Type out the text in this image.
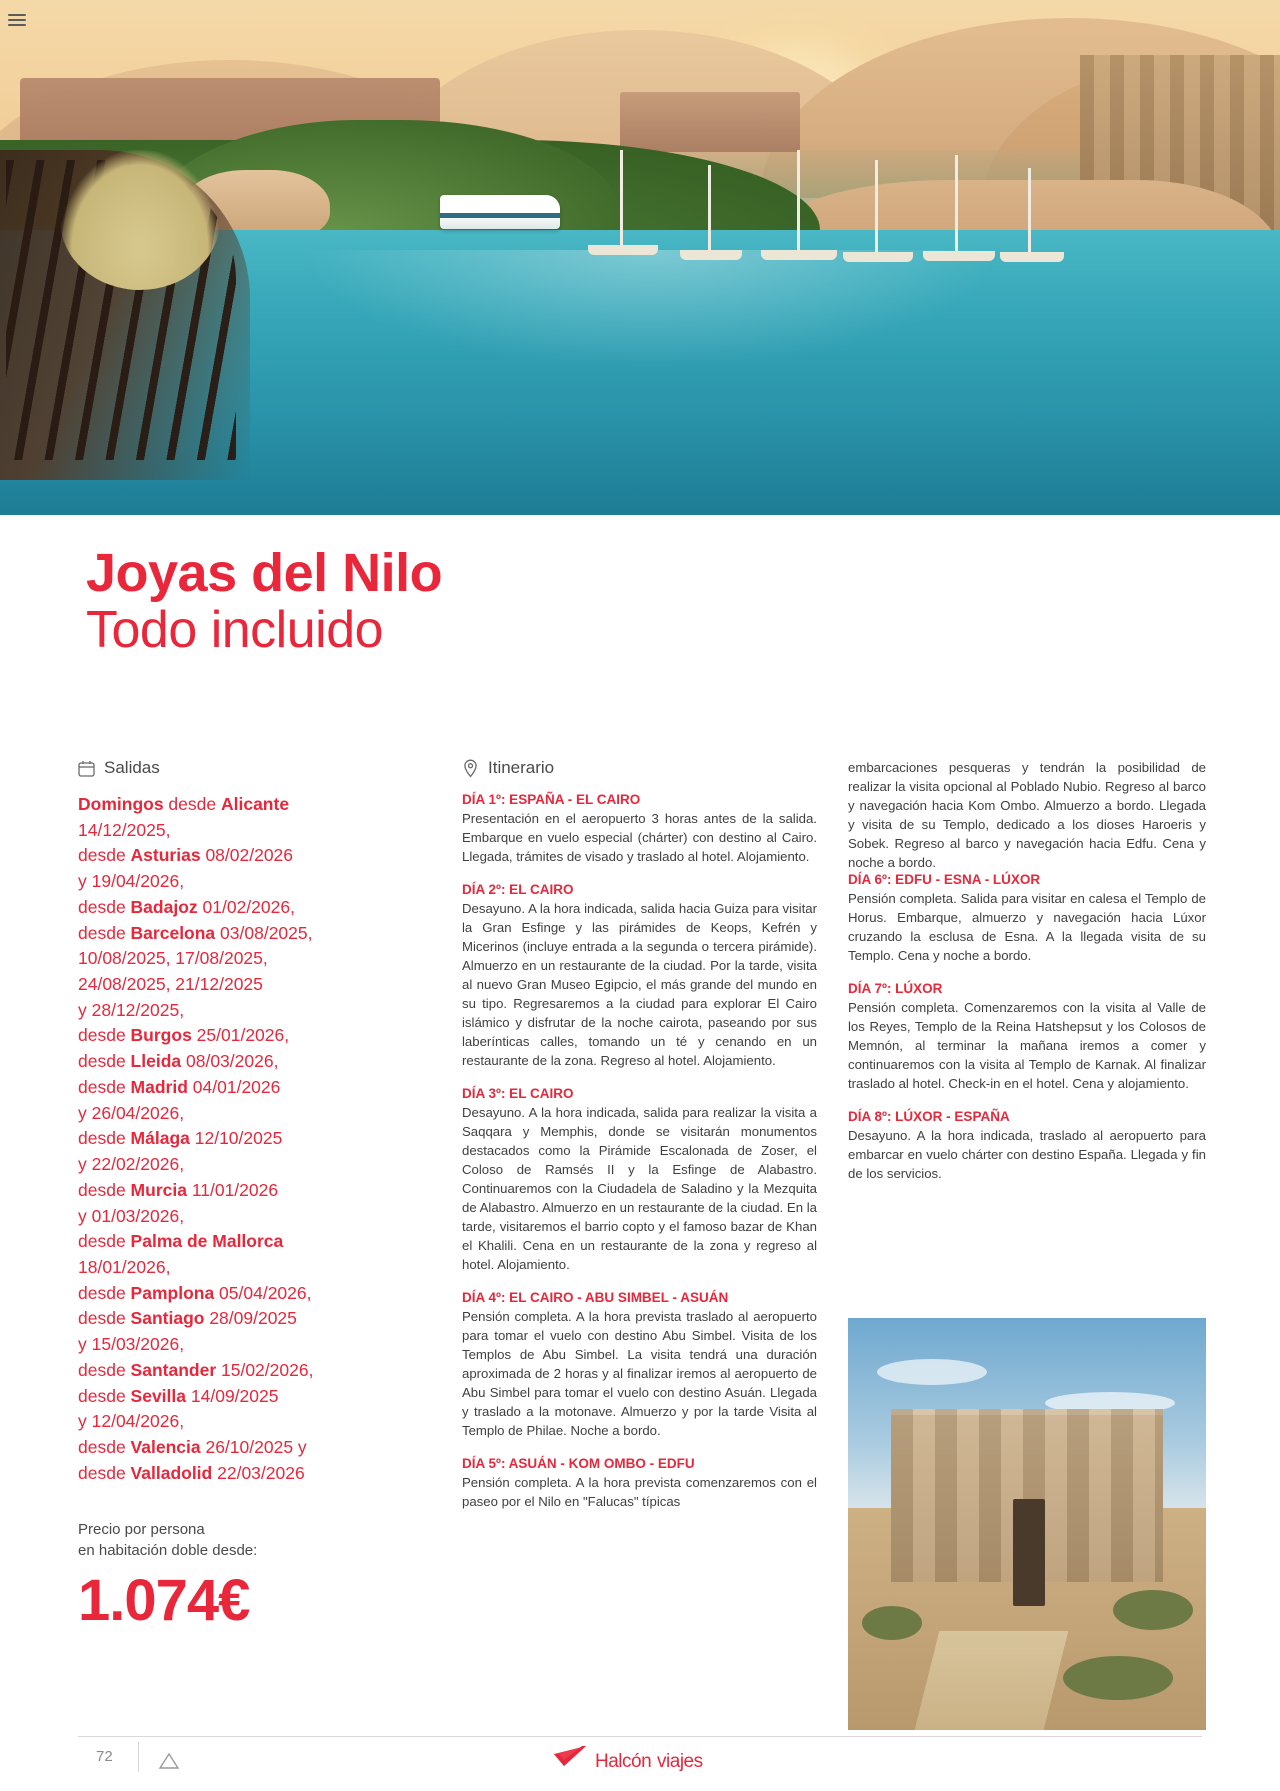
Joyas del Nilo
Todo incluido
Salidas
Domingos desde Alicante
14/12/2025,
desde Asturias 08/02/2026
y 19/04/2026,
desde Badajoz 01/02/2026,
desde Barcelona 03/08/2025,
10/08/2025, 17/08/2025,
24/08/2025, 21/12/2025
y 28/12/2025,
desde Burgos 25/01/2026,
desde Lleida 08/03/2026,
desde Madrid 04/01/2026
y 26/04/2026,
desde Málaga 12/10/2025
y 22/02/2026,
desde Murcia 11/01/2026
y 01/03/2026,
desde Palma de Mallorca
18/01/2026,
desde Pamplona 05/04/2026,
desde Santiago 28/09/2025
y 15/03/2026,
desde Santander 15/02/2026,
desde Sevilla 14/09/2025
y 12/04/2026,
desde Valencia 26/10/2025 y
desde Valladolid 22/03/2026
Precio por persona
en habitación doble desde:
1.074€
Itinerario
DÍA 1º: ESPAÑA - EL CAIRO
Presentación en el aeropuerto 3 horas antes de la salida. Embarque en vuelo especial (chárter) con destino al Cairo. Llegada, trámites de visado y traslado al hotel. Alojamiento.
DÍA 2º: EL CAIRO
Desayuno. A la hora indicada, salida hacia Guiza para visitar la Gran Esfinge y las pirámides de Keops, Kefrén y Micerinos (incluye entrada a la segunda o tercera pirámide). Almuerzo en un restaurante de la ciudad. Por la tarde, visita al nuevo Gran Museo Egipcio, el más grande del mundo en su tipo. Regresaremos a la ciudad para explorar El Cairo islámico y disfrutar de la noche cairota, paseando por sus laberínticas calles, tomando un té y cenando en un restaurante de la zona. Regreso al hotel. Alojamiento.
DÍA 3º: EL CAIRO
Desayuno. A la hora indicada, salida para realizar la visita a Saqqara y Memphis, donde se visitarán monumentos destacados como la Pirámide Escalonada de Zoser, el Coloso de Ramsés II y la Esfinge de Alabastro. Continuaremos con la Ciudadela de Saladino y la Mezquita de Alabastro. Almuerzo en un restaurante de la ciudad. En la tarde, visitaremos el barrio copto y el famoso bazar de Khan el Khalili. Cena en un restaurante de la zona y regreso al hotel. Alojamiento.
DÍA 4º: EL CAIRO - ABU SIMBEL - ASUÁN
Pensión completa. A la hora prevista traslado al aeropuerto para tomar el vuelo con destino Abu Simbel. Visita de los Templos de Abu Simbel. La visita tendrá una duración aproximada de 2 horas y al finalizar iremos al aeropuerto de Abu Simbel para tomar el vuelo con destino Asuán. Llegada y traslado a la motonave. Almuerzo y por la tarde Visita al Templo de Philae. Noche a bordo.
DÍA 5º: ASUÁN - KOM OMBO - EDFU
Pensión completa. A la hora prevista comenzaremos con el paseo por el Nilo en "Falucas" típicas
embarcaciones pesqueras y tendrán la posibilidad de realizar la visita opcional al Poblado Nubio. Regreso al barco y navegación hacia Kom Ombo. Almuerzo a bordo. Llegada y visita de su Templo, dedicado a los dioses Haroeris y Sobek. Regreso al barco y navegación hacia Edfu. Cena y noche a bordo.
DÍA 6º: EDFU - ESNA - LÚXOR
Pensión completa. Salida para visitar en calesa el Templo de Horus. Embarque, almuerzo y navegación hacia Lúxor cruzando la esclusa de Esna. A la llegada visita de su Templo. Cena y noche a bordo.
DÍA 7º: LÚXOR
Pensión completa. Comenzaremos con la visita al Valle de los Reyes, Templo de la Reina Hatshepsut y los Colosos de Memnón, al terminar la mañana iremos a comer y continuaremos con la visita al Templo de Karnak. Al finalizar traslado al hotel. Check-in en el hotel. Cena y alojamiento.
DÍA 8º: LÚXOR - ESPAÑA
Desayuno. A la hora indicada, traslado al aeropuerto para embarcar en vuelo chárter con destino España. Llegada y fin de los servicios.
72	Halcón viajes
